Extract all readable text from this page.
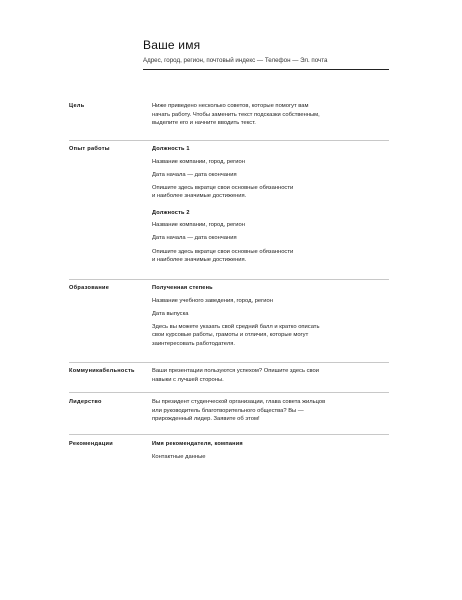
Ваше имя
Адрес, город, регион, почтовый индекс — Телефон — Эл. почта
Цель	Ниже приведено несколько советов, которые помогут вам

начать работу. Чтобы заменить текст подсказки собственным,

выделите его и начните вводить текст.

Опыт работы	Должность 1

Название компании, город, регион

Дата начала — дата окончания

Опишите здесь вкратце свои основные обязанности

и наиболее значимые достижения.

Должность 2

Название компании, город, регион

Дата начала — дата окончания

Опишите здесь вкратце свои основные обязанности

и наиболее значимые достижения.

Образование	Полученная степень

Название учебного заведения, город, регион

Дата выпуска

Здесь вы можете указать свой средний балл и кратко описать

свои курсовые работы, грамоты и отличия, которые могут

заинтересовать работодателя.

Коммуникабельность	Ваши презентации пользуются успехом? Опишите здесь свои

навыки с лучшей стороны.

Лидерство	Вы президент студенческой организации, глава совета жильцов

или руководитель благотворительного общества? Вы —

прирожденный лидер. Заявите об этом!

Рекомендации	Имя рекомендателя, компания

Контактные данные
